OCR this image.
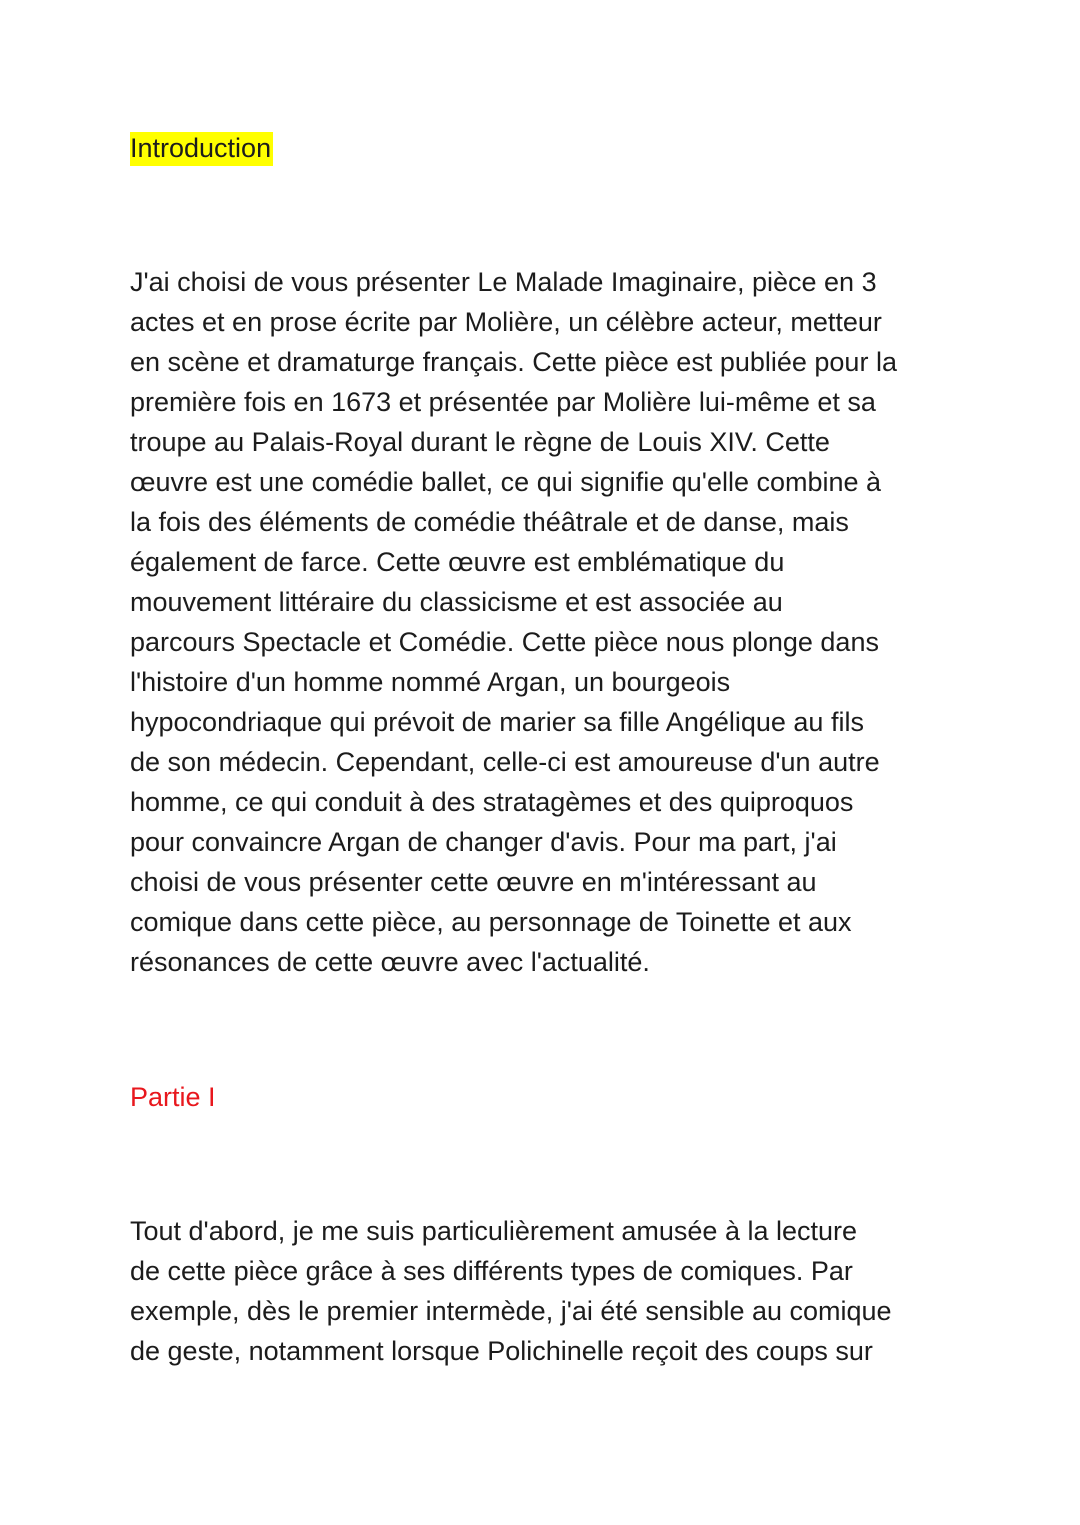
Introduction

J'ai choisi de vous présenter Le Malade Imaginaire, pièce en 3
actes et en prose écrite par Molière, un célèbre acteur, metteur
en scène et dramaturge français. Cette pièce est publiée pour la
première fois en 1673 et présentée par Molière lui-même et sa
troupe au Palais-Royal durant le règne de Louis XIV. Cette
œuvre est une comédie ballet, ce qui signifie qu'elle combine à
la fois des éléments de comédie théâtrale et de danse, mais
également de farce. Cette œuvre est emblématique du
mouvement littéraire du classicisme et est associée au
parcours Spectacle et Comédie. Cette pièce nous plonge dans
l'histoire d'un homme nommé Argan, un bourgeois
hypocondriaque qui prévoit de marier sa fille Angélique au fils
de son médecin. Cependant, celle-ci est amoureuse d'un autre
homme, ce qui conduit à des stratagèmes et des quiproquos
pour convaincre Argan de changer d'avis. Pour ma part, j'ai
choisi de vous présenter cette œuvre en m'intéressant au
comique dans cette pièce, au personnage de Toinette et aux
résonances de cette œuvre avec l'actualité.

Partie I

Tout d'abord, je me suis particulièrement amusée à la lecture
de cette pièce grâce à ses différents types de comiques. Par
exemple, dès le premier intermède, j'ai été sensible au comique
de geste, notamment lorsque Polichinelle reçoit des coups sur
